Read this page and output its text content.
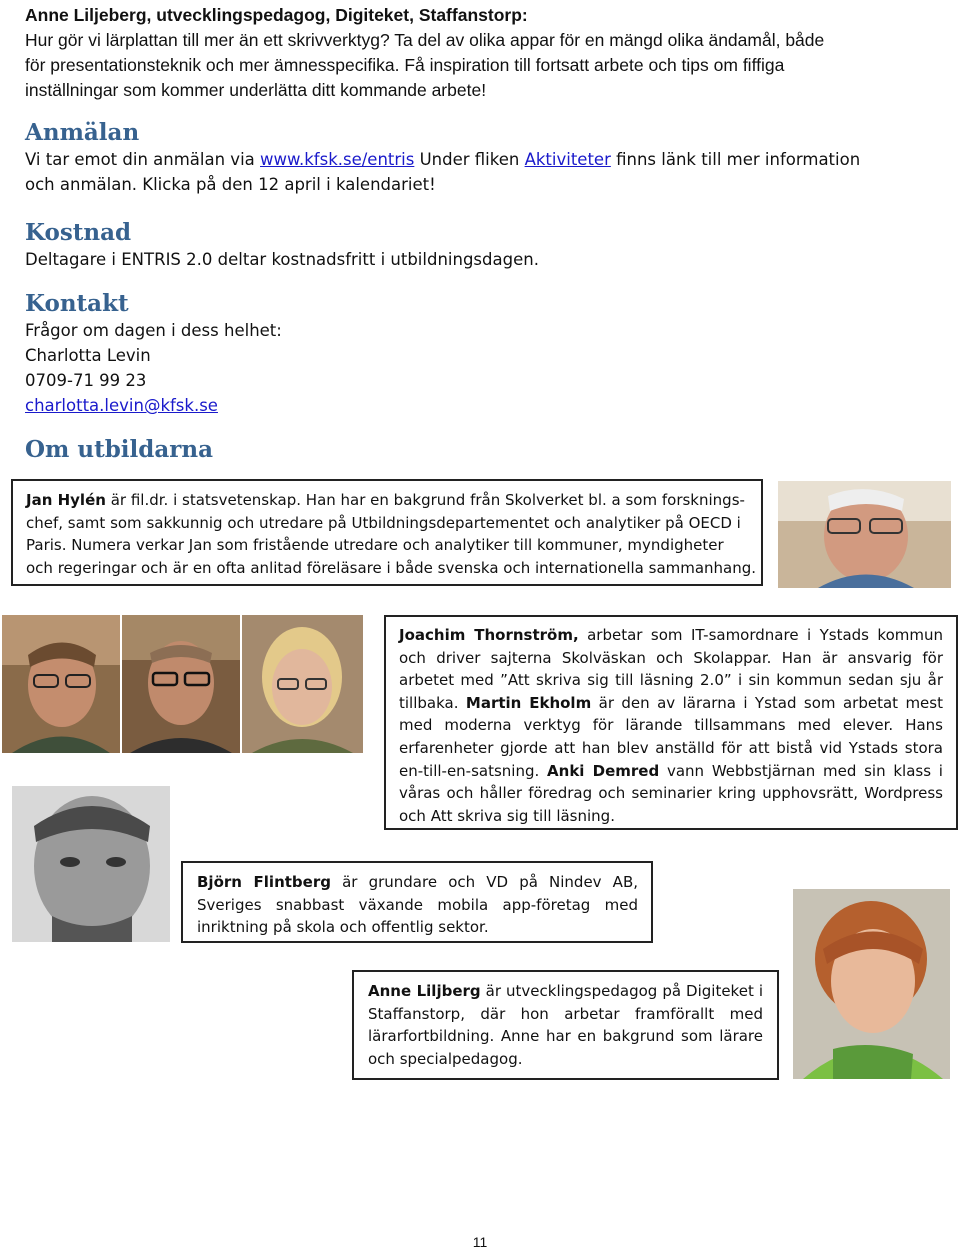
Anne Liljeberg, utvecklingspedagog, Digiteket, Staffanstorp:
Hur gör vi lärplattan till mer än ett skrivverktyg? Ta del av olika appar för en mängd olika ändamål, både
för presentationsteknik och mer ämnesspecifika. Få inspiration till fortsatt arbete och tips om fiffiga
inställningar som kommer underlätta ditt kommande arbete!
Anmälan
Vi tar emot din anmälan via www.kfsk.se/entris Under fliken Aktiviteter finns länk till mer information
och anmälan. Klicka på den 12 april i kalendariet!
Kostnad
Deltagare i ENTRIS 2.0 deltar kostnadsfritt i utbildningsdagen.
Kontakt
Frågor om dagen i dess helhet:
Charlotta Levin
0709-71 99 23
charlotta.levin@kfsk.se
Om utbildarna
Jan Hylén är fil.dr. i statsvetenskap. Han har en bakgrund från Skolverket bl. a som forsknings-
chef, samt som sakkunnig och utredare på Utbildningsdepartementet och analytiker på OECD i
Paris. Numera verkar Jan som fristående utredare och analytiker till kommuner, myndigheter
och regeringar och är en ofta anlitad föreläsare i både svenska och internationella sammanhang.
Joachim Thornström, arbetar som IT-samordnare i Ystads kommun och driver sajterna Skolväskan och Skolappar. Han är ansvarig för arbetet med ”Att skriva sig till läsning 2.0” i sin kommun sedan sju år tillbaka. Martin Ekholm är den av lärarna i Ystad som arbetat mest med moderna verktyg för lärande tillsammans med elever. Hans erfarenheter gjorde att han blev anställd för att bistå vid Ystads stora en-till-en-satsning. Anki Demred vann Webbstjärnan med sin klass i våras och håller föredrag och seminarier kring upphovsrätt, Wordpress och Att skriva sig till läsning.
Björn Flintberg är grundare och VD på Nindev AB, Sveriges snabbast växande mobila app-företag med inriktning på skola och offentlig sektor.
Anne Liljberg är utvecklingspedagog på Digiteket i Staffanstorp, där hon arbetar framförallt med lärarfortbildning. Anne har en bakgrund som lärare och specialpedagog.
11
